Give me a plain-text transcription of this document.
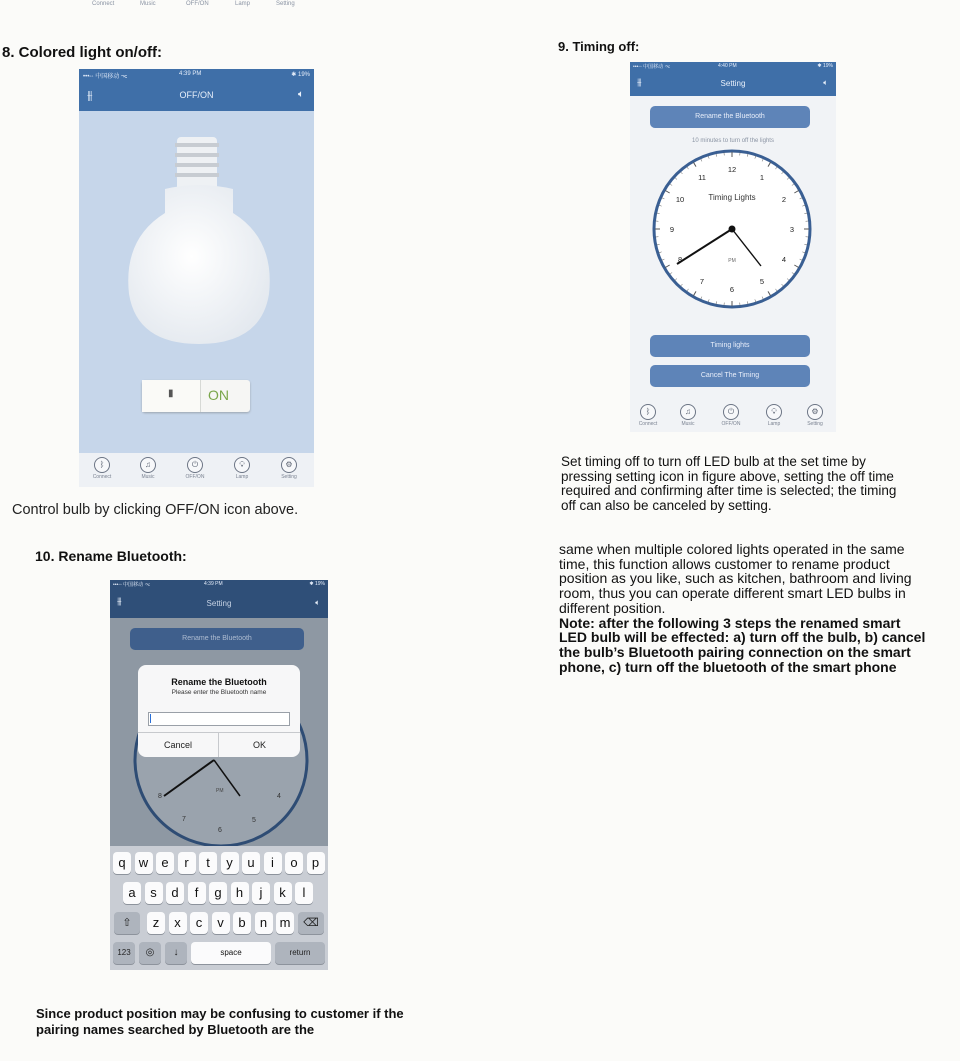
Connect	Music	OFF/ON	Lamp	Setting
8. Colored light on/off:
•••◦◦ 中国移动 ᯕ	4:39 PM	✱ 19%
⫵	OFF/ON	🔈︎
▮ ON
ᛒ
Connect
♫
Music
⏻
OFF/ON
💡︎
Lamp
⚙
Setting
Control bulb by clicking OFF/ON icon above.
9. Timing off:
•••◦◦ 中国移动 ᯕ	4:40 PM	✱ 19%
⫵	Setting	🔈︎
Rename the Bluetooth
10 minutes to turn off the lights
12
1
2
3
4
5
6
7
8
9
10
11
Timing Lights
PM
Timing lights
Cancel The Timing
ᛒ
Connect
♫
Music
⏻
OFF/ON
💡︎
Lamp
⚙
Setting
Set timing off to turn off LED bulb at the set time by pressing setting icon in figure above, setting the off time required and confirming after time is selected; the timing off can also be canceled by setting.
10. Rename Bluetooth:
•••◦◦ 中国移动 ᯕ	4:39 PM	✱ 19%
⫵	Setting	🔈︎
Rename the Bluetooth
8	4
7
6
5
PM
Rename the Bluetooth
Please enter the Bluetooth name
Cancel	OK
q	w	e	r	t	y	u	i	o	p
a	s	d	f	g	h	j	k	l
z	x	c	v	b	n m
⇧	⌫
123	◎	↓	space	return
Since product position may be confusing to customer if the pairing names searched by Bluetooth are the
same when multiple colored lights operated in the same time, this function allows customer to rename product position as you like, such as kitchen, bathroom and living room, thus you can operate different smart LED bulbs in different position.
Note: after the following 3 steps the renamed smart LED bulb will be effected: a) turn off the bulb, b) cancel the bulb’s Bluetooth pairing connection on the smart phone, c) turn off the bluetooth of the smart phone
